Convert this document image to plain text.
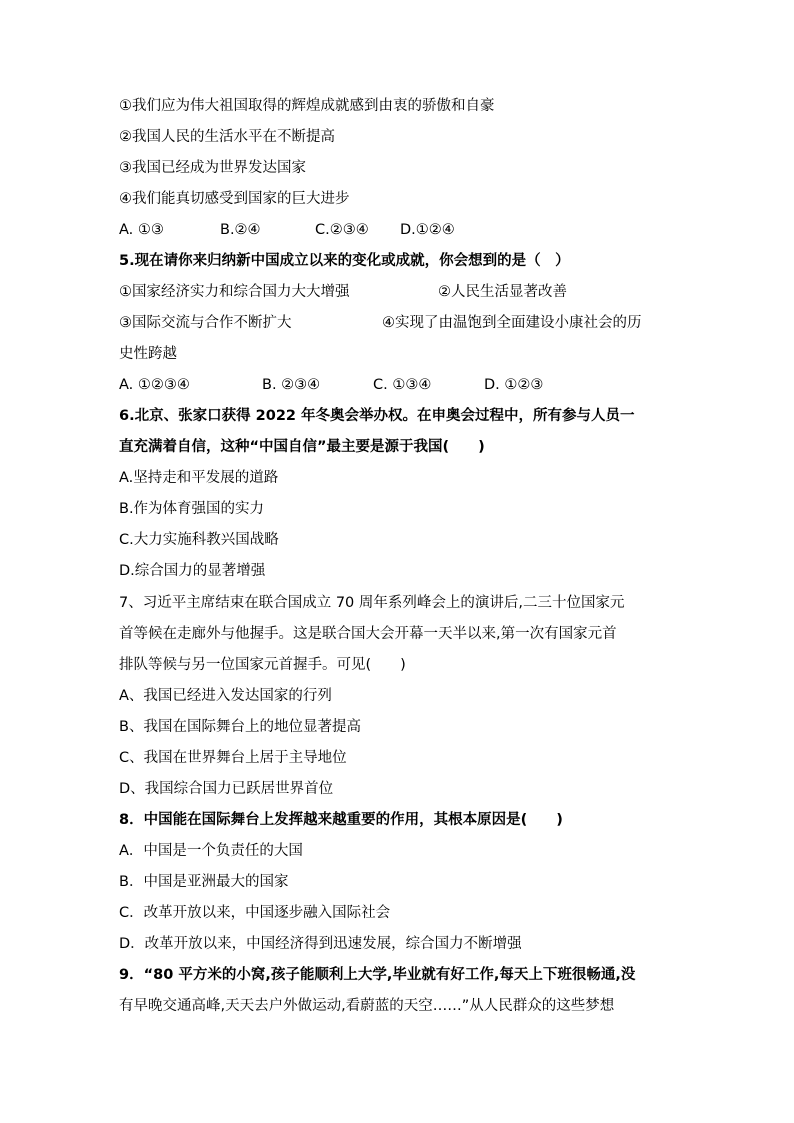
①我们应为伟大祖国取得的辉煌成就感到由衷的骄傲和自豪
②我国人民的生活水平在不断提高
③我国已经成为世界发达国家
④我们能真切感受到国家的巨大进步
A. ①③	B.②④	C.②③④ D.①②④
5.现在请你来归纳新中国成立以来的变化或成就，你会想到的是（　）
①国家经济实力和综合国力大大增强	②人民生活显著改善
③国际交流与合作不断扩大	④实现了由温饱到全面建设小康社会的历
史性跨越
A. ①②③④	B. ②③④	C. ①③④	D. ①②③
6.北京、张家口获得 2022 年冬奥会举办权。在申奥会过程中，所有参与人员一
直充满着自信，这种“中国自信”最主要是源于我国(　　)
A.坚持走和平发展的道路
B.作为体育强国的实力
C.大力实施科教兴国战略
D.综合国力的显著增强
7、习近平主席结束在联合国成立 70 周年系列峰会上的演讲后,二三十位国家元
首等候在走廊外与他握手。这是联合国大会开幕一天半以来,第一次有国家元首
排队等候与另一位国家元首握手。可见(　　)
A、我国已经进入发达国家的行列
B、我国在国际舞台上的地位显著提高
C、我国在世界舞台上居于主导地位
D、我国综合国力已跃居世界首位
8．中国能在国际舞台上发挥越来越重要的作用，其根本原因是(　　)
A．中国是一个负责任的大国
B．中国是亚洲最大的国家
C．改革开放以来，中国逐步融入国际社会
D．改革开放以来，中国经济得到迅速发展，综合国力不断增强
9．“80 平方米的小窝,孩子能顺利上大学,毕业就有好工作,每天上下班很畅通,没
有早晚交通高峰,天天去户外做运动,看蔚蓝的天空……”从人民群众的这些梦想
